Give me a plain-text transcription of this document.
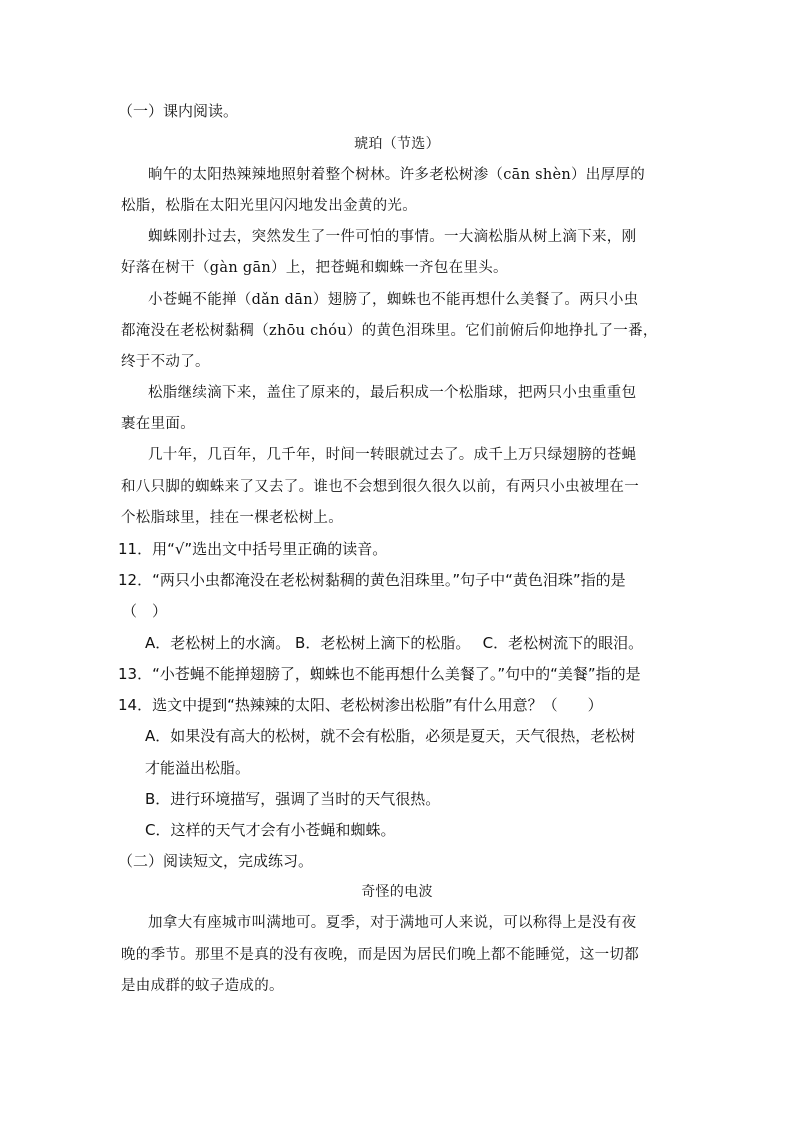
（一）课内阅读。
琥珀（节选）
晌午的太阳热辣辣地照射着整个树林。许多老松树渗（cān shèn）出厚厚的
松脂，松脂在太阳光里闪闪地发出金黄的光。
蜘蛛刚扑过去，突然发生了一件可怕的事情。一大滴松脂从树上滴下来，刚
好落在树干（gàn gān）上，把苍蝇和蜘蛛一齐包在里头。
小苍蝇不能掸（dǎn dān）翅膀了，蜘蛛也不能再想什么美餐了。两只小虫
都淹没在老松树黏稠（zhōu chóu）的黄色泪珠里。它们前俯后仰地挣扎了一番，
终于不动了。
松脂继续滴下来，盖住了原来的，最后积成一个松脂球，把两只小虫重重包
裹在里面。
几十年，几百年，几千年，时间一转眼就过去了。成千上万只绿翅膀的苍蝇
和八只脚的蜘蛛来了又去了。谁也不会想到很久很久以前，有两只小虫被埋在一
个松脂球里，挂在一棵老松树上。
11．用“√”选出文中括号里正确的读音。
12．“两只小虫都淹没在老松树黏稠的黄色泪珠里。”句子中“黄色泪珠”指的是
（　）
A．老松树上的水滴。 B．老松树上滴下的松脂。　 C．老松树流下的眼泪。
13．“小苍蝇不能掸翅膀了，蜘蛛也不能再想什么美餐了。”句中的“美餐”指的是
14．选文中提到“热辣辣的太阳、老松树渗出松脂”有什么用意？（　　）
A．如果没有高大的松树，就不会有松脂，必须是夏天，天气很热，老松树
才能溢出松脂。
B．进行环境描写，强调了当时的天气很热。
C．这样的天气才会有小苍蝇和蜘蛛。
（二）阅读短文，完成练习。
奇怪的电波
加拿大有座城市叫满地可。夏季，对于满地可人来说，可以称得上是没有夜
晚的季节。那里不是真的没有夜晚，而是因为居民们晚上都不能睡觉，这一切都
是由成群的蚊子造成的。
